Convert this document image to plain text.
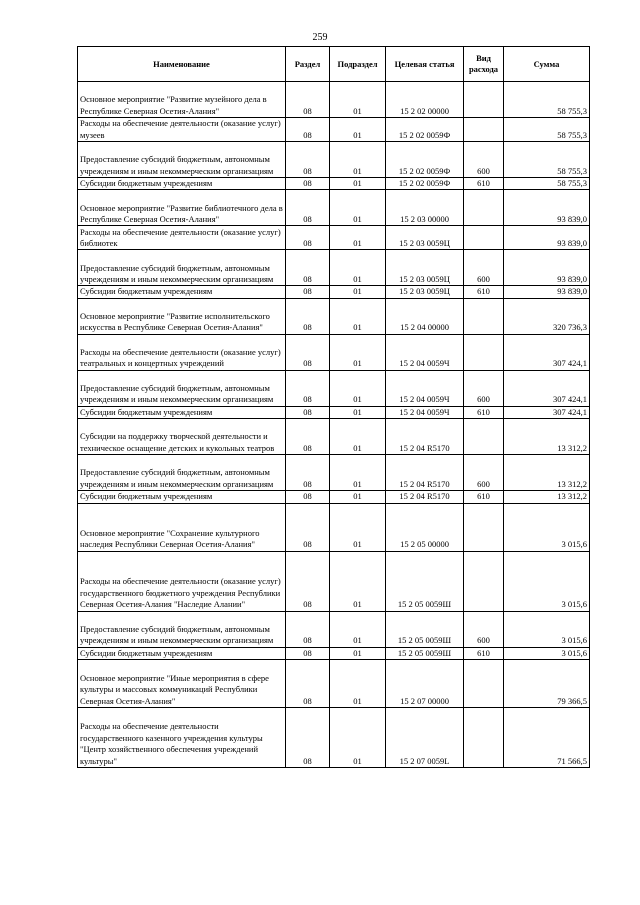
259
Наименование	Раздел	Подраздел	Целевая статья	Вид расхода	Сумма
Основное мероприятие "Развитие музейного дела в Республике Северная Осетия-Алания"	08	01	15 2 02 00000		58 755,3
Расходы на обеспечение деятельности (оказание услуг) музеев	08	01	15 2 02 0059Ф		58 755,3
Предоставление субсидий бюджетным, автономным учреждениям и иным некоммерческим организациям	08	01	15 2 02 0059Ф	600	58 755,3
Субсидии бюджетным учреждениям	08	01	15 2 02 0059Ф	610	58 755,3
Основное мероприятие "Развитие библиотечного дела в Республике Северная Осетия-Алания"	08	01	15 2 03 00000		93 839,0
Расходы на обеспечение деятельности (оказание услуг) библиотек	08	01	15 2 03 0059Ц		93 839,0
Предоставление субсидий бюджетным, автономным учреждениям и иным некоммерческим организациям	08	01	15 2 03 0059Ц	600	93 839,0
Субсидии бюджетным учреждениям	08	01	15 2 03 0059Ц	610	93 839,0
Основное мероприятие "Развитие исполнительского искусства в Республике Северная Осетия-Алания"	08	01	15 2 04 00000		320 736,3
Расходы на обеспечение деятельности (оказание услуг) театральных и концертных учреждений	08	01	15 2 04 0059Ч		307 424,1
Предоставление субсидий бюджетным, автономным учреждениям и иным некоммерческим организациям	08	01	15 2 04 0059Ч	600	307 424,1
Субсидии бюджетным учреждениям	08	01	15 2 04 0059Ч	610	307 424,1
Субсидии на поддержку творческой деятельности и техническое оснащение детских и кукольных театров	08	01	15 2 04 R5170		13 312,2
Предоставление субсидий бюджетным, автономным учреждениям и иным некоммерческим организациям	08	01	15 2 04 R5170	600	13 312,2
Субсидии бюджетным учреждениям	08	01	15 2 04 R5170	610	13 312,2
Основное мероприятие "Сохранение культурного наследия Республики Северная Осетия-Алания"	08	01	15 2 05 00000		3 015,6
Расходы на обеспечение деятельности (оказание услуг) государственного бюджетного учреждения Республики Северная Осетия-Алания "Наследие Алании"	08	01	15 2 05 0059Ш		3 015,6
Предоставление субсидий бюджетным, автономным учреждениям и иным некоммерческим организациям	08	01	15 2 05 0059Ш	600	3 015,6
Субсидии бюджетным учреждениям	08	01	15 2 05 0059Ш	610	3 015,6
Основное мероприятие "Иные мероприятия в сфере культуры и массовых коммуникаций Республики Северная Осетия-Алания"	08	01	15 2 07 00000		79 366,5
Расходы на обеспечение деятельности государственного казенного учреждения культуры "Центр хозяйственного обеспечения учреждений культуры"	08	01	15 2 07 0059L		71 566,5
